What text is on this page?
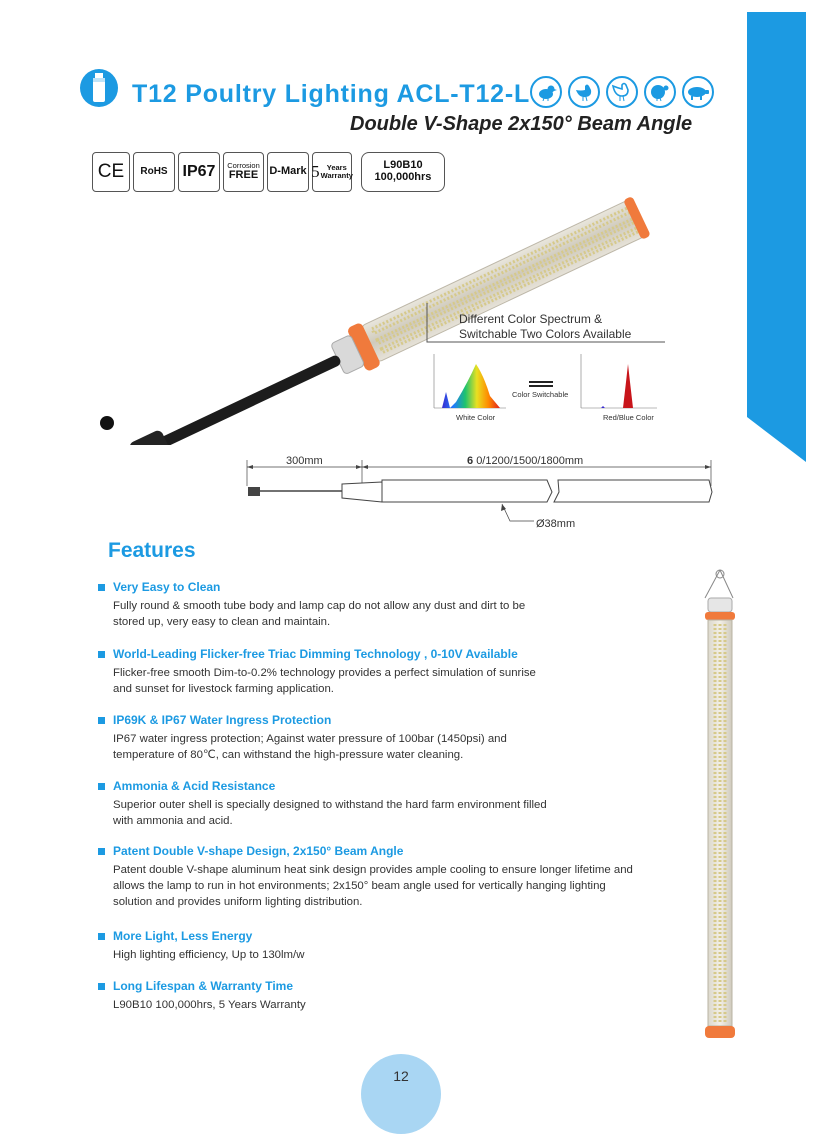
T12 Poultry Lighting ACL-T12-L
Double V-Shape 2x150° Beam Angle
CE	RoHS IP67	Corrosion
FREE D-Mark 5 Years
Warranty
L90B10
100,000hrs
Different Color Spectrum &
Switchable Two Colors Available
White Color
Color Switchable
Red/Blue Color
300mm	6 0/1200/1500/1800mm
Ø38mm
Features
Very Easy to Clean
Fully round & smooth tube body and lamp cap do not allow any dust and dirt to be stored up, very easy to clean and maintain.
World-Leading Flicker-free Triac Dimming Technology , 0-10V Available
Flicker-free smooth Dim-to-0.2% technology provides a perfect simulation of sunrise and sunset for livestock farming application.
IP69K & IP67 Water Ingress Protection
IP67 water ingress protection; Against water pressure of 100bar (1450psi) and temperature of 80℃, can withstand the high-pressure water cleaning.
Ammonia & Acid Resistance
Superior outer shell is specially designed to withstand the hard farm environment filled with ammonia and acid.
Patent Double V-shape Design, 2x150° Beam Angle
Patent double V-shape aluminum heat sink design provides ample cooling to ensure longer lifetime and allows the lamp to run in hot environments; 2x150° beam angle used for vertically hanging lighting solution and provides uniform lighting distribution.
More Light, Less Energy
High lighting efficiency, Up to 130lm/w
Long Lifespan & Warranty Time
L90B10 100,000hrs, 5 Years Warranty
12
